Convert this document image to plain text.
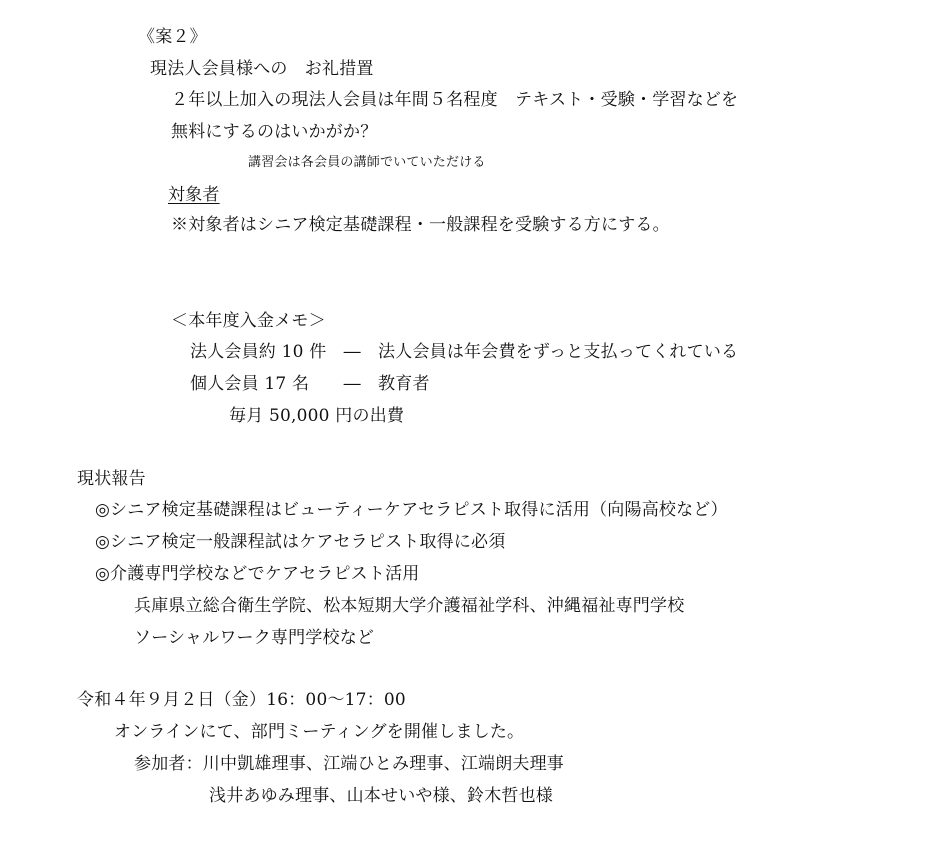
《案２》
現法人会員様への　お礼措置
２年以上加入の現法人会員は年間５名程度　テキスト・受験・学習などを
無料にするのはいかがか？
講習会は各会員の講師でいていただける
対象者
※対象者はシニア検定基礎課程・一般課程を受験する方にする。
＜本年度入金メモ＞
法人会員約 10 件　―　法人会員は年会費をずっと支払ってくれている
個人会員 17 名　　―　教育者
毎月 50,000 円の出費
現状報告
◎シニア検定基礎課程はビューティーケアセラピスト取得に活用（向陽高校など）
◎シニア検定一般課程試はケアセラピスト取得に必須
◎介護専門学校などでケアセラピスト活用
兵庫県立総合衛生学院、松本短期大学介護福祉学科、沖縄福祉専門学校
ソーシャルワーク専門学校など
令和４年９月２日（金）16：00～17：00
オンラインにて、部門ミーティングを開催しました。
参加者：川中凱雄理事、江端ひとみ理事、江端朗夫理事
浅井あゆみ理事、山本せいや様、鈴木哲也様
